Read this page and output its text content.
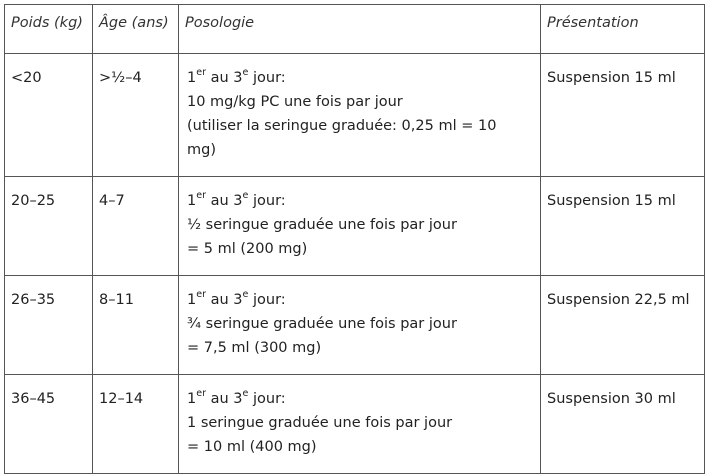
Poids (kg)	Âge (ans)	Posologie	Présentation
<20	>½–4	1er au 3e jour:
10 mg/kg PC une fois par jour
(utiliser la seringue graduée: 0,25 ml = 10
mg)	Suspension 15 ml
20–25	4–7	1er au 3e jour:
½ seringue graduée une fois par jour
= 5 ml (200 mg)	Suspension 15 ml
26–35	8–11	1er au 3e jour:
¾ seringue graduée une fois par jour
= 7,5 ml (300 mg)	Suspension 22,5 ml
36–45	12–14	1er au 3e jour:
1 seringue graduée une fois par jour
= 10 ml (400 mg)	Suspension 30 ml
